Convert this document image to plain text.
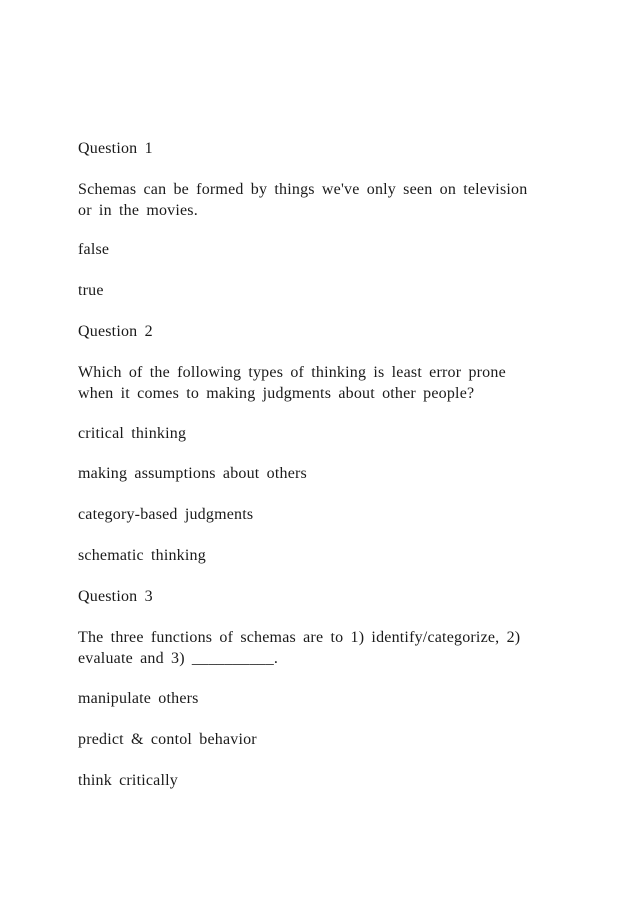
Question 1
Schemas can be formed by things we've only seen on television
or in the movies.
false
true
Question 2
Which of the following types of thinking is least error prone
when it comes to making judgments about other people?
critical thinking
making assumptions about others
category-based judgments
schematic thinking
Question 3
The three functions of schemas are to 1) identify/categorize, 2)
evaluate and 3) __________.
manipulate others
predict & contol behavior
think critically
